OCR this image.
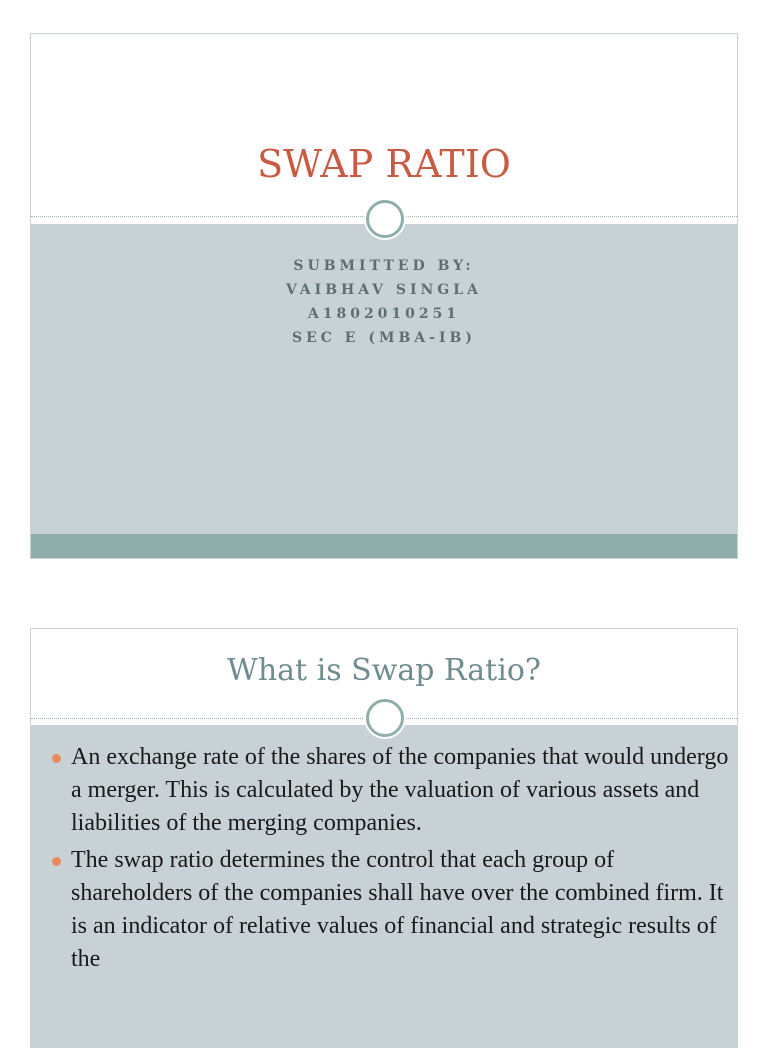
SWAP RATIO
SUBMITTED BY:
VAIBHAV SINGLA
A1802010251
SEC E (MBA-IB)
What is Swap Ratio?
An exchange rate of the shares of the companies that would undergo a merger. This is calculated by the valuation of various assets and liabilities of the merging companies.
The swap ratio determines the control that each group of shareholders of the companies shall have over the combined firm. It is an indicator of relative values of financial and strategic results of the
